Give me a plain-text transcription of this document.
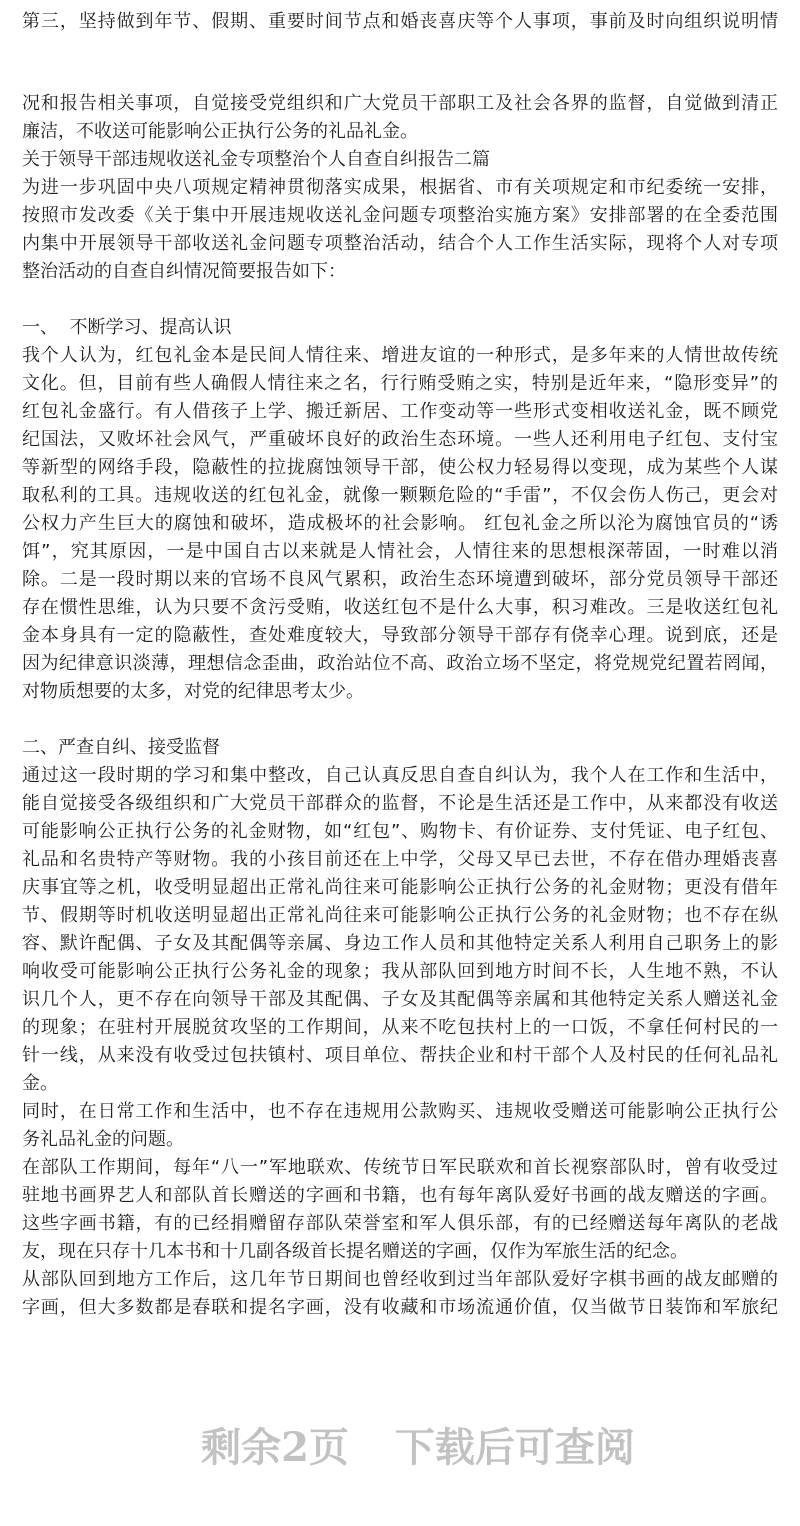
第三，坚持做到年节、假期、重要时间节点和婚丧喜庆等个人事项，事前及时向组织说明情
况和报告相关事项，自觉接受党组织和广大党员干部职工及社会各界的监督，自觉做到清正
廉洁，不收送可能影响公正执行公务的礼品礼金。
关于领导干部违规收送礼金专项整治个人自查自纠报告二篇
为进一步巩固中央八项规定精神贯彻落实成果，根据省、市有关项规定和市纪委统一安排，
按照市发改委《关于集中开展违规收送礼金问题专项整治实施方案》安排部署的在全委范围
内集中开展领导干部收送礼金问题专项整治活动，结合个人工作生活实际，现将个人对专项
整治活动的自查自纠情况简要报告如下：
一、  不断学习、提高认识
我个人认为，红包礼金本是民间人情往来、增进友谊的一种形式，是多年来的人情世故传统
文化。但，目前有些人确假人情往来之名，行行贿受贿之实，特别是近年来，“隐形变异”的
红包礼金盛行。有人借孩子上学、搬迁新居、工作变动等一些形式变相收送礼金，既不顾党
纪国法，又败坏社会风气，严重破坏良好的政治生态环境。一些人还利用电子红包、支付宝
等新型的网络手段，隐蔽性的拉拢腐蚀领导干部，使公权力轻易得以变现，成为某些个人谋
取私利的工具。违规收送的红包礼金，就像一颗颗危险的“手雷”，不仅会伤人伤己，更会对
公权力产生巨大的腐蚀和破坏，造成极坏的社会影响。 红包礼金之所以沦为腐蚀官员的“诱
饵”，究其原因，一是中国自古以来就是人情社会，人情往来的思想根深蒂固，一时难以消
除。二是一段时期以来的官场不良风气累积，政治生态环境遭到破坏，部分党员领导干部还
存在惯性思维，认为只要不贪污受贿，收送红包不是什么大事，积习难改。三是收送红包礼
金本身具有一定的隐蔽性，查处难度较大，导致部分领导干部存有侥幸心理。说到底，还是
因为纪律意识淡薄，理想信念歪曲，政治站位不高、政治立场不坚定，将党规党纪置若罔闻，
对物质想要的太多，对党的纪律思考太少。
二、严查自纠、接受监督
通过这一段时期的学习和集中整改，自己认真反思自查自纠认为，我个人在工作和生活中，
能自觉接受各级组织和广大党员干部群众的监督，不论是生活还是工作中，从来都没有收送
可能影响公正执行公务的礼金财物，如“红包”、购物卡、有价证券、支付凭证、电子红包、
礼品和名贵特产等财物。我的小孩目前还在上中学，父母又早已去世，不存在借办理婚丧喜
庆事宜等之机，收受明显超出正常礼尚往来可能影响公正执行公务的礼金财物；更没有借年
节、假期等时机收送明显超出正常礼尚往来可能影响公正执行公务的礼金财物；也不存在纵
容、默许配偶、子女及其配偶等亲属、身边工作人员和其他特定关系人利用自己职务上的影
响收受可能影响公正执行公务礼金的现象；我从部队回到地方时间不长，人生地不熟，不认
识几个人，更不存在向领导干部及其配偶、子女及其配偶等亲属和其他特定关系人赠送礼金
的现象；在驻村开展脱贫攻坚的工作期间，从来不吃包扶村上的一口饭，不拿任何村民的一
针一线，从来没有收受过包扶镇村、项目单位、帮扶企业和村干部个人及村民的任何礼品礼
金。
同时，在日常工作和生活中，也不存在违规用公款购买、违规收受赠送可能影响公正执行公
务礼品礼金的问题。
在部队工作期间，每年“八一”军地联欢、传统节日军民联欢和首长视察部队时，曾有收受过
驻地书画界艺人和部队首长赠送的字画和书籍，也有每年离队爱好书画的战友赠送的字画。
这些字画书籍，有的已经捐赠留存部队荣誉室和军人俱乐部，有的已经赠送每年离队的老战
友，现在只存十几本书和十几副各级首长提名赠送的字画，仅作为军旅生活的纪念。
从部队回到地方工作后，这几年节日期间也曾经收到过当年部队爱好字棋书画的战友邮赠的
字画，但大多数都是春联和提名字画，没有收藏和市场流通价值，仅当做节日装饰和军旅纪
剩余2页 下载后可查阅
